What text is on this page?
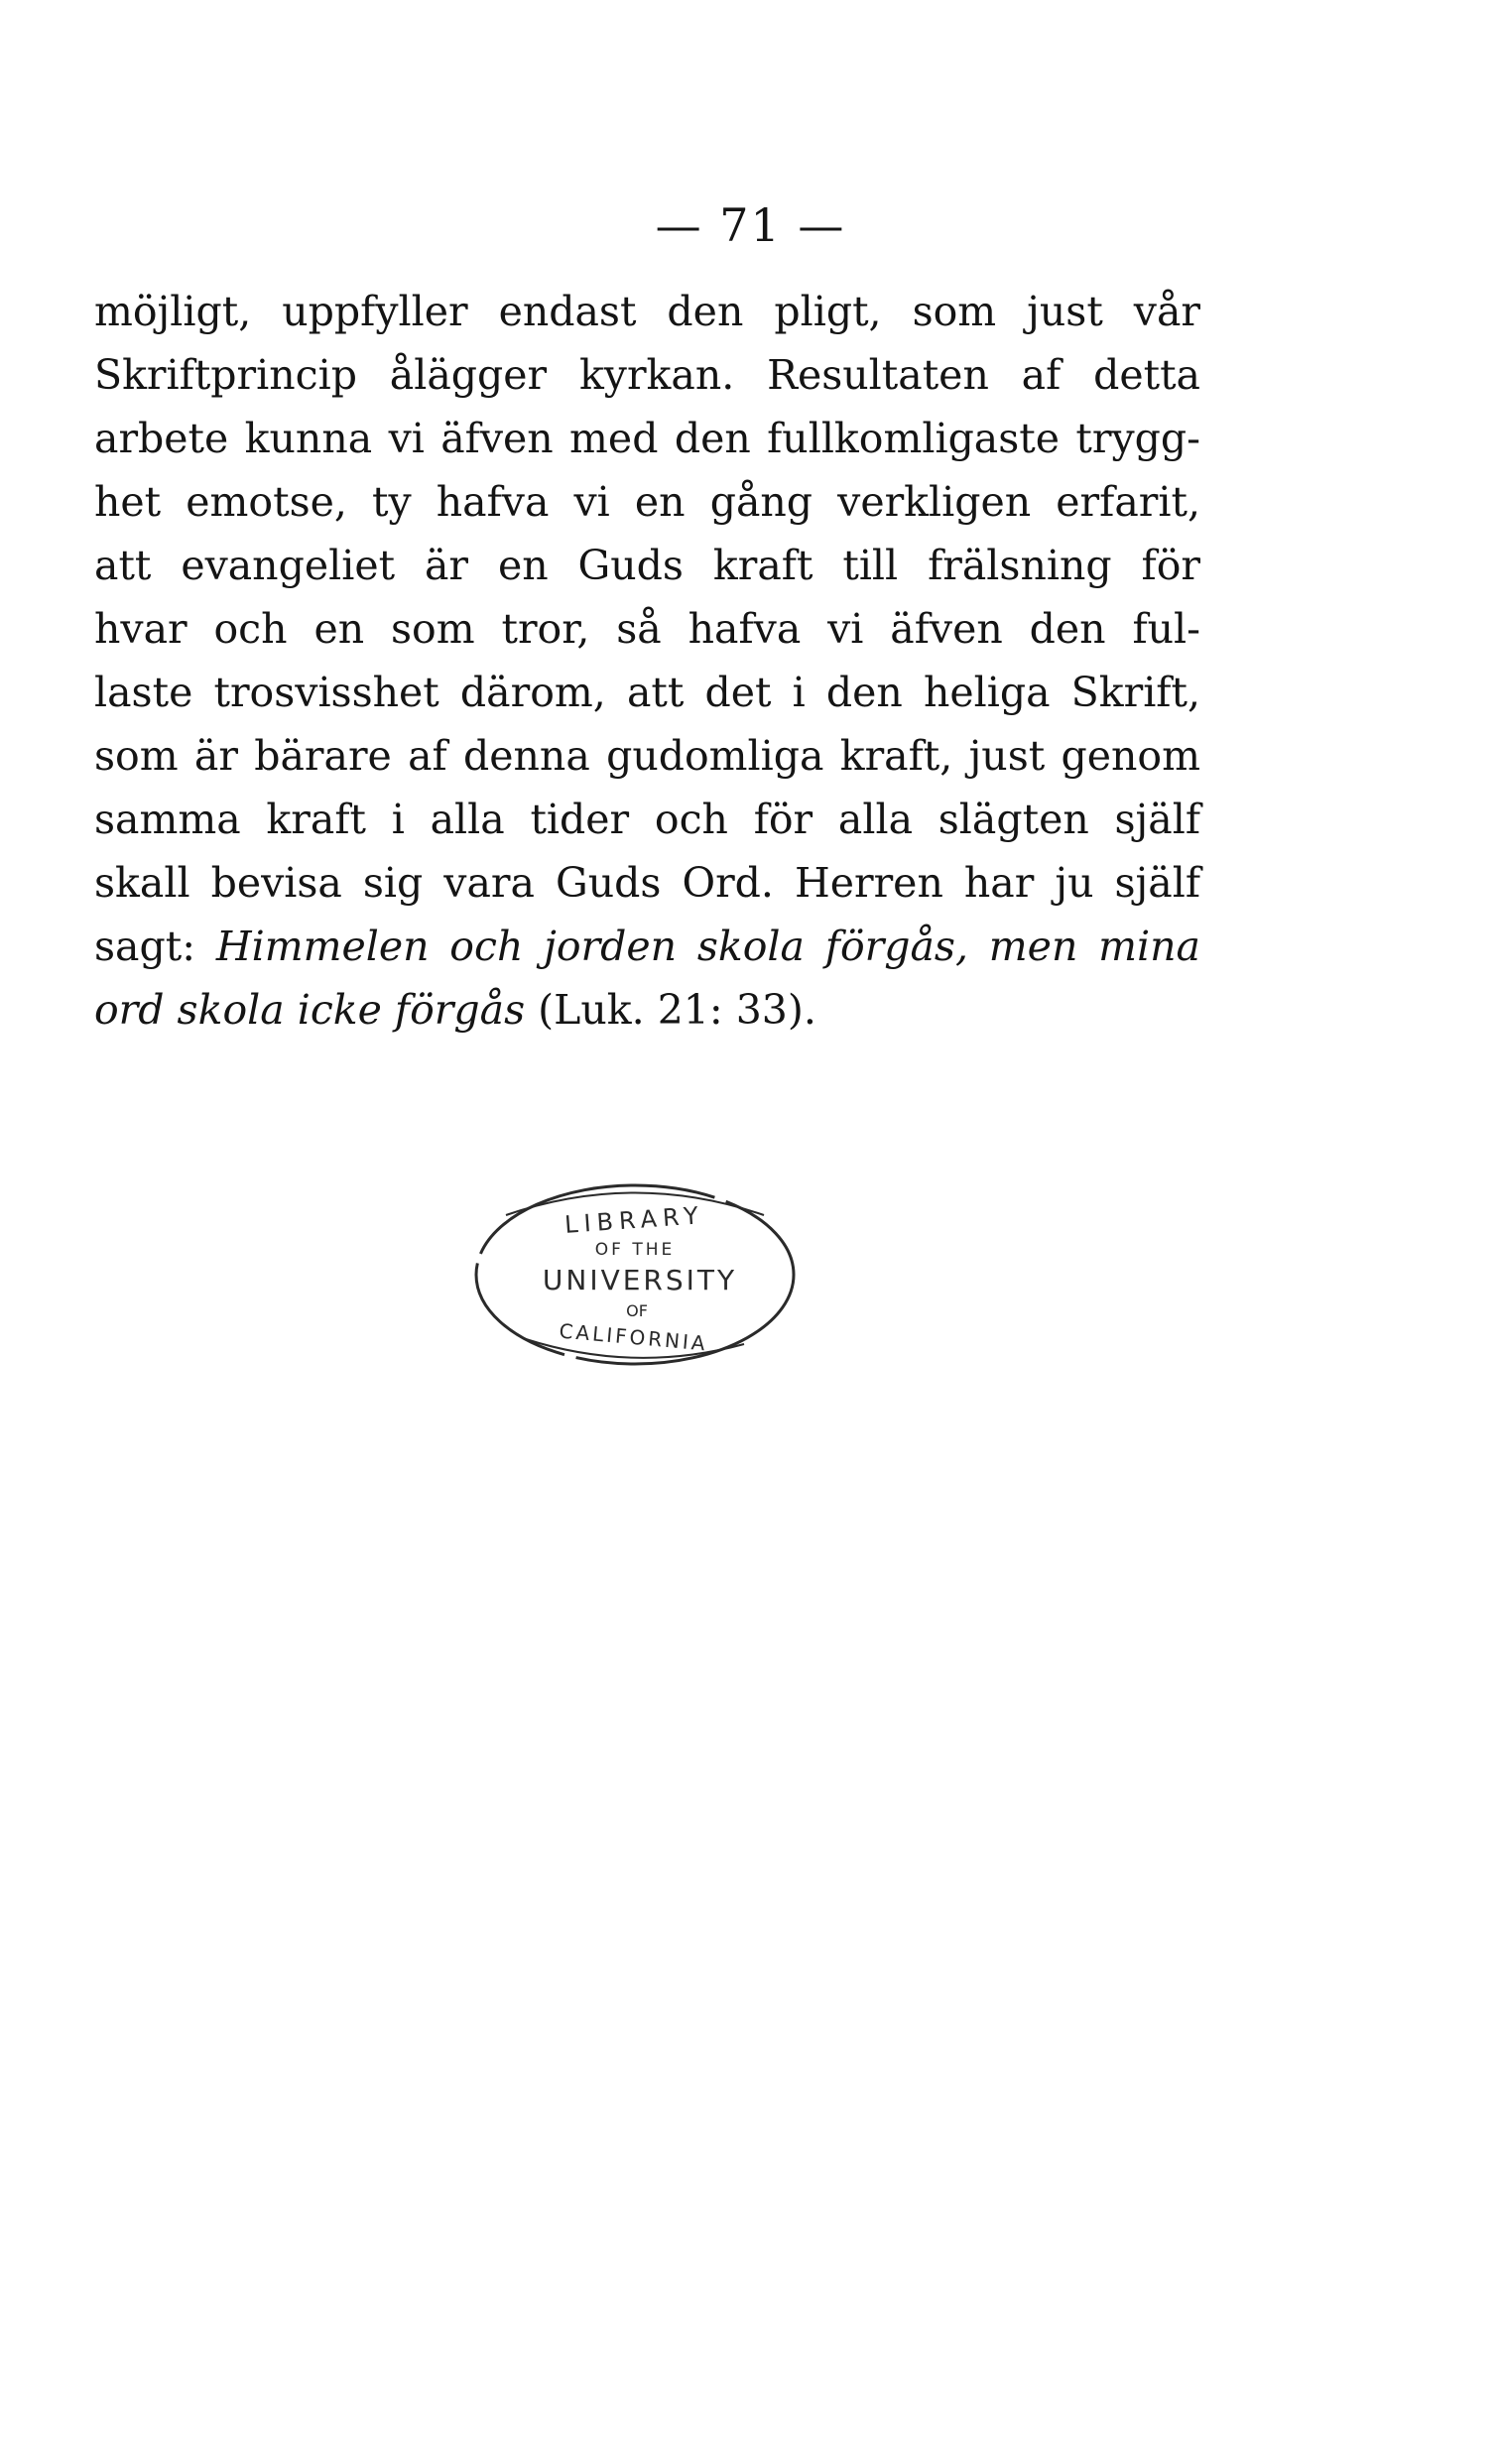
— 71 —
möjligt, uppfyller endast den pligt, som just vår
Skriftprincip ålägger kyrkan. Resultaten af detta
arbete kunna vi äfven med den fullkomligaste trygg-
het emotse, ty hafva vi en gång verkligen erfarit,
att evangeliet är en Guds kraft till frälsning för
hvar och en som tror, så hafva vi äfven den ful-
laste trosvisshet därom, att det i den heliga Skrift,
som är bärare af denna gudomliga kraft, just genom
samma kraft i alla tider och för alla slägten själf
skall bevisa sig vara Guds Ord. Herren har ju själf
sagt: Himmelen och jorden skola förgås, men mina
ord skola icke förgås (Luk. 21: 33).
LIBRARY
OF THE
UNIVERSITY
OF
CALIFORNIA
